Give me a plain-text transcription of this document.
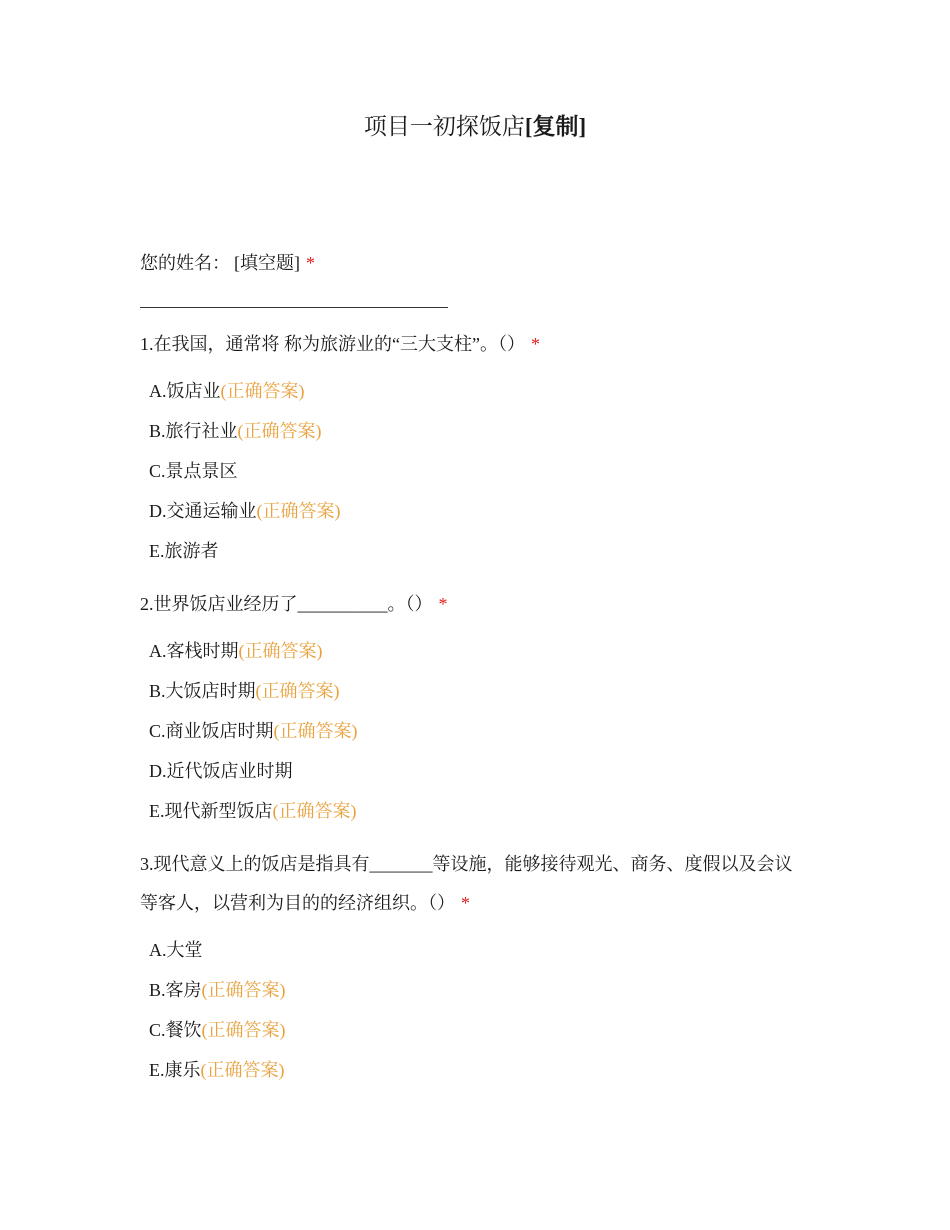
项目一初探饭店[复制]
您的姓名： [填空题] *
1.在我国，通常将 称为旅游业的“三大支柱”。（） *
A.饭店业(正确答案)
B.旅行社业(正确答案)
C.景点景区
D.交通运输业(正确答案)
E.旅游者
2.世界饭店业经历了__________。（） *
A.客栈时期(正确答案)
B.大饭店时期(正确答案)
C.商业饭店时期(正确答案)
D.近代饭店业时期
E.现代新型饭店(正确答案)
3.现代意义上的饭店是指具有_______等设施，能够接待观光、商务、度假以及会议等客人，以营利为目的的经济组织。（） *
A.大堂
B.客房(正确答案)
C.餐饮(正确答案)
E.康乐(正确答案)
